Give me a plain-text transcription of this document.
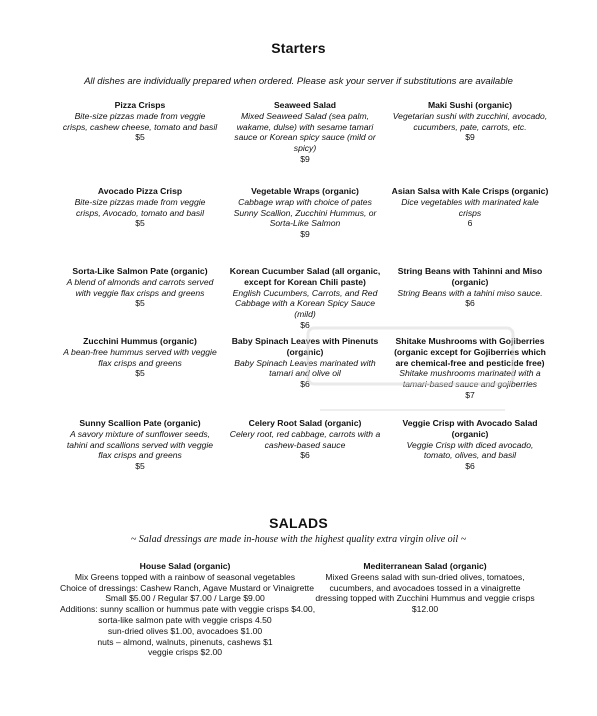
Starters
All dishes are individually prepared when ordered. Please ask your server if substitutions are available
Pizza Crisps
Bite-size pizzas made from veggie
crisps, cashew cheese, tomato and basil
$5
Seaweed Salad
Mixed Seaweed Salad (sea palm,
wakame, dulse) with sesame tamari
sauce or Korean spicy sauce (mild or
spicy)
$9
Maki Sushi (organic)
Vegetarian sushi with zucchini, avocado,
cucumbers, pate, carrots, etc.
$9
Avocado Pizza Crisp
Bite-size pizzas made from veggie
crisps, Avocado, tomato and basil
$5
Vegetable Wraps (organic)
Cabbage wrap with choice of pates
Sunny Scallion, Zucchini Hummus, or
Sorta-Like Salmon
$9
Asian Salsa with Kale Crisps (organic)
Dice vegetables with marinated kale
crisps
6
Sorta-Like Salmon Pate (organic)
A blend of almonds and carrots served
with veggie flax crisps and greens
$5
Korean Cucumber Salad (all organic, except for Korean Chili paste)
English Cucumbers, Carrots, and Red
Cabbage with a Korean Spicy Sauce
(mild)
$6
String Beans with Tahinni and Miso (organic)
String Beans with a tahini miso sauce.
$6
Zucchini Hummus (organic)
A bean-free hummus served with veggie
flax crisps and greens
$5
Baby Spinach Leaves with Pinenuts (organic)
Baby Spinach Leaves marinated with
tamari and olive oil
$6
Shitake Mushrooms with Gojiberries (organic except for Gojiberries which are chemical-free and pesticide free)
Shitake mushrooms marinated with a
tamari-based sauce and gojiberries
$7
Sunny Scallion Pate (organic)
A savory mixture of sunflower seeds,
tahini and scallions served with veggie
flax crisps and greens
$5
Celery Root Salad (organic)
Celery root, red cabbage, carrots with a
cashew-based sauce
$6
Veggie Crisp with Avocado Salad (organic)
Veggie Crisp with diced avocado,
tomato, olives, and basil
$6
SALADS
~ Salad dressings are made in-house with the highest quality extra virgin olive oil ~
House Salad (organic)
Mix Greens topped with a rainbow of seasonal vegetables
Choice of dressings: Cashew Ranch, Agave Mustard or Vinaigrette
Small $5.00 / Regular $7.00 / Large $9.00
Additions: sunny scallion or hummus pate with veggie crisps $4.00,
sorta-like salmon pate with veggie crisps 4.50
sun-dried olives $1.00, avocadoes $1.00
nuts – almond, walnuts, pinenuts, cashews $1
veggie crisps $2.00
Mediterranean Salad (organic)
Mixed Greens salad with sun-dried olives, tomatoes,
cucumbers, and avocadoes tossed in a vinaigrette
dressing topped with Zucchini Hummus and veggie crisps
$12.00
